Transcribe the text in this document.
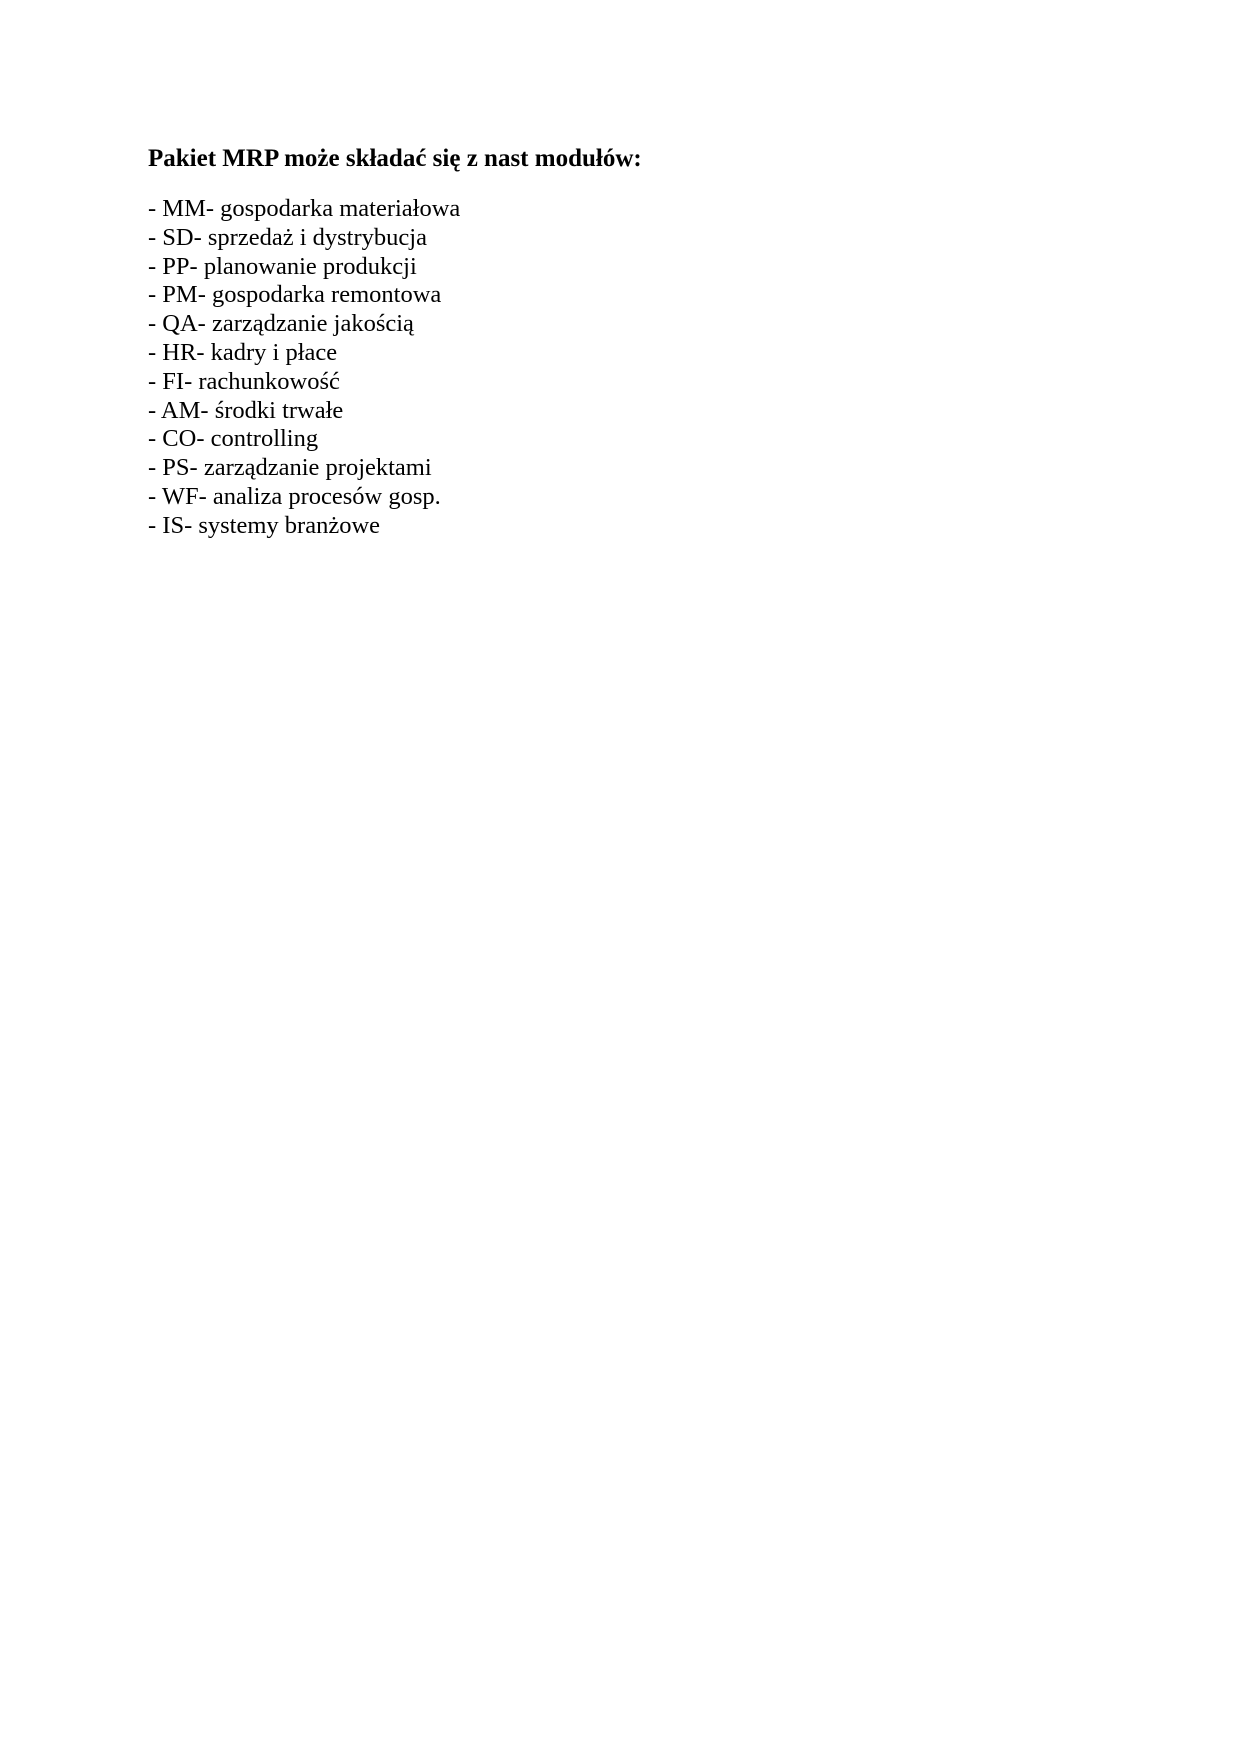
Pakiet MRP może składać się z nast modułów:
- MM- gospodarka materiałowa
- SD- sprzedaż i dystrybucja
- PP- planowanie produkcji
- PM- gospodarka remontowa
- QA- zarządzanie jakością
- HR- kadry i płace
- FI- rachunkowość
- AM- środki trwałe
- CO- controlling
- PS- zarządzanie projektami
- WF- analiza procesów gosp.
- IS- systemy branżowe
